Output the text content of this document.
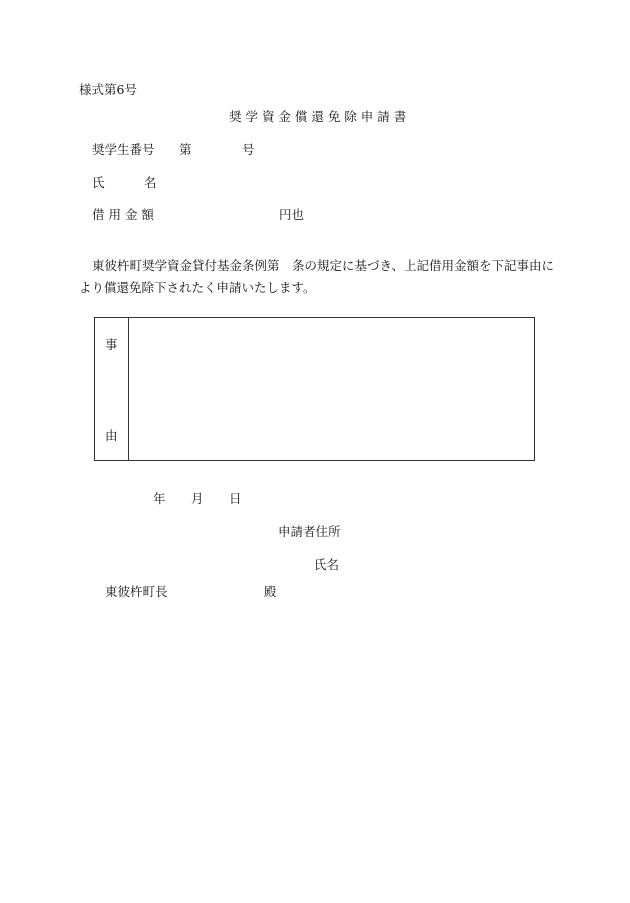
様式第6号
奨 学 資 金 償 還 免 除 申 請 書
奨学生番号 第	号
氏	名
借 用 金 額	円也
東彼杵町奨学資金貸付基金条例第　条の規定に基づき、上記借用金額を下記事由に
より償還免除下されたく申請いたします。
事
由
年 月 日
申請者住所
氏名
東彼杵町長	殿
